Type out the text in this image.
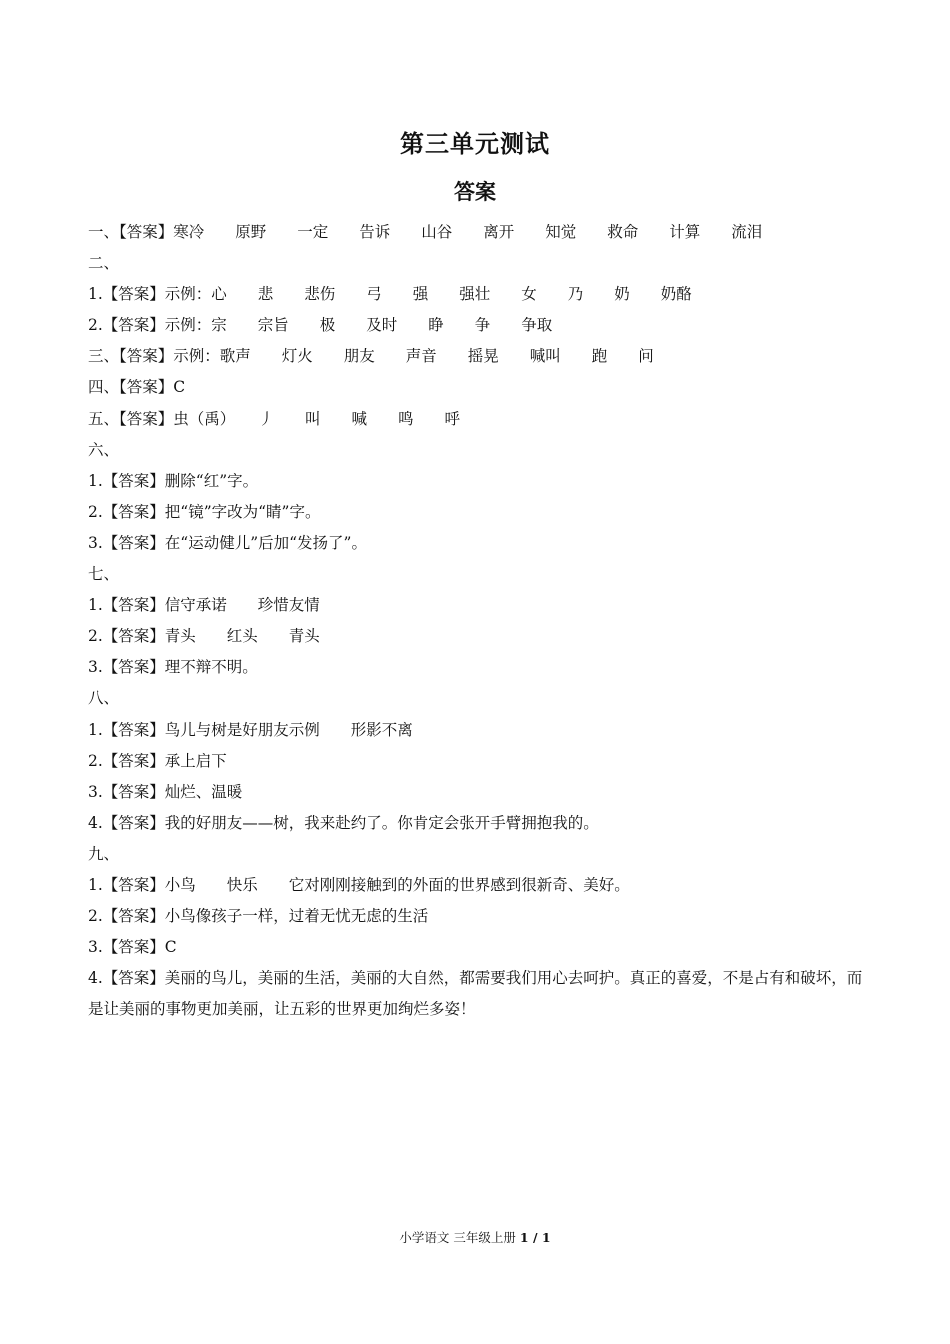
第三单元测试
答案
一、【答案】寒冷　　原野　　一定　　告诉　　山谷　　离开　　知觉　　救命　　计算　　流泪
二、
1.【答案】示例：心　　悲　　悲伤　　弓　　强　　强壮　　女　　乃　　奶　　奶酪
2.【答案】示例：宗　　宗旨　　极　　及时　　睁　　争　　争取
三、【答案】示例：歌声　　灯火　　朋友　　声音　　摇晃　　喊叫　　跑　　问
四、【答案】C
五、【答案】虫（禹）　　丿　　叫　　喊　　鸣　　呼
六、
1.【答案】删除“红”字。
2.【答案】把“镜”字改为“睛”字。
3.【答案】在“运动健儿”后加“发扬了”。
七、
1.【答案】信守承诺　　珍惜友情
2.【答案】青头　　红头　　青头
3.【答案】理不辩不明。
八、
1.【答案】鸟儿与树是好朋友示例　　形影不离
2.【答案】承上启下
3.【答案】灿烂、温暖
4.【答案】我的好朋友——树，我来赴约了。你肯定会张开手臂拥抱我的。
九、
1.【答案】小鸟　　快乐　　它对刚刚接触到的外面的世界感到很新奇、美好。
2.【答案】小鸟像孩子一样，过着无忧无虑的生活
3.【答案】C
4.【答案】美丽的鸟儿，美丽的生活，美丽的大自然，都需要我们用心去呵护。真正的喜爱，不是占有和破坏，而是让美丽的事物更加美丽，让五彩的世界更加绚烂多姿！
小学语文 三年级上册 1 / 1
